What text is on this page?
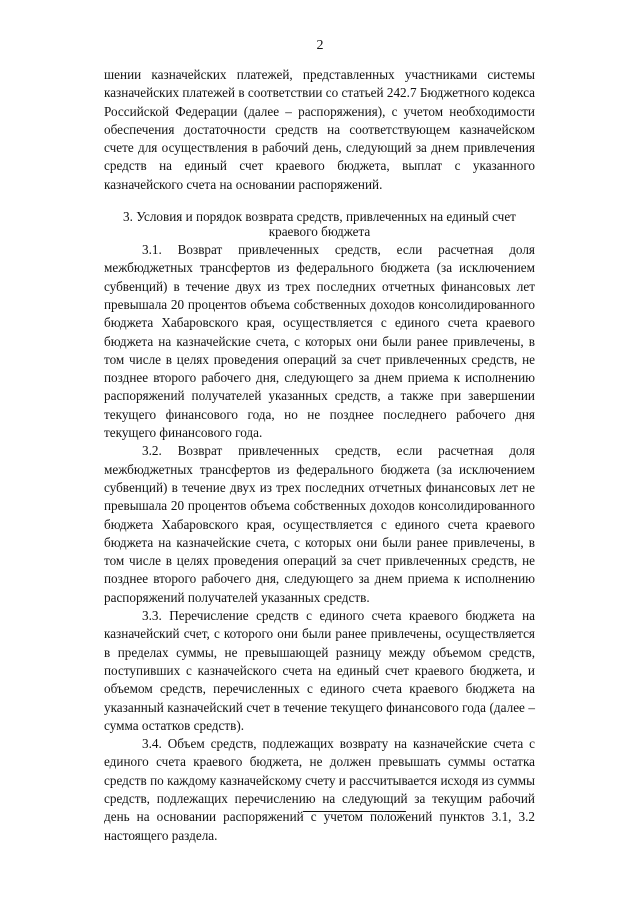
2

шении казначейских платежей, представленных участниками системы казначейских платежей в соответствии со статьей 242.7 Бюджетного кодекса Российской Федерации (далее – распоряжения), с учетом необходимости обеспечения достаточности средств на соответствующем казначейском счете для осуществления в рабочий день, следующий за днем привлечения средств на единый счет краевого бюджета, выплат с указанного казначейского счета на основании распоряжений.

3. Условия и порядок возврата средств, привлеченных на единый счет
краевого бюджета

3.1. Возврат привлеченных средств, если расчетная доля межбюджетных трансфертов из федерального бюджета (за исключением субвенций) в течение двух из трех последних отчетных финансовых лет превышала 20 процентов объема собственных доходов консолидированного бюджета Хабаровского края, осуществляется с единого счета краевого бюджета на казначейские счета, с которых они были ранее привлечены, в том числе в целях проведения операций за счет привлеченных средств, не позднее второго рабочего дня, следующего за днем приема к исполнению распоряжений получателей указанных средств, а также при завершении текущего финансового года, но не позднее последнего рабочего дня текущего финансового года.

3.2. Возврат привлеченных средств, если расчетная доля межбюджетных трансфертов из федерального бюджета (за исключением субвенций) в течение двух из трех последних отчетных финансовых лет не превышала 20 процентов объема собственных доходов консолидированного бюджета Хабаровского края, осуществляется с единого счета краевого бюджета на казначейские счета, с которых они были ранее привлечены, в том числе в целях проведения операций за счет привлеченных средств, не позднее второго рабочего дня, следующего за днем приема к исполнению распоряжений получателей указанных средств.

3.3. Перечисление средств с единого счета краевого бюджета на казначейский счет, с которого они были ранее привлечены, осуществляется в пределах суммы, не превышающей разницу между объемом средств, поступивших с казначейского счета на единый счет краевого бюджета, и объемом средств, перечисленных с единого счета краевого бюджета на указанный казначейский счет в течение текущего финансового года (далее – сумма остатков средств).

3.4. Объем средств, подлежащих возврату на казначейские счета с единого счета краевого бюджета, не должен превышать суммы остатка средств по каждому казначейскому счету и рассчитывается исходя из суммы средств, подлежащих перечислению на следующий за текущим рабочий день на основании распоряжений с учетом положений пунктов 3.1, 3.2 настоящего раздела.
